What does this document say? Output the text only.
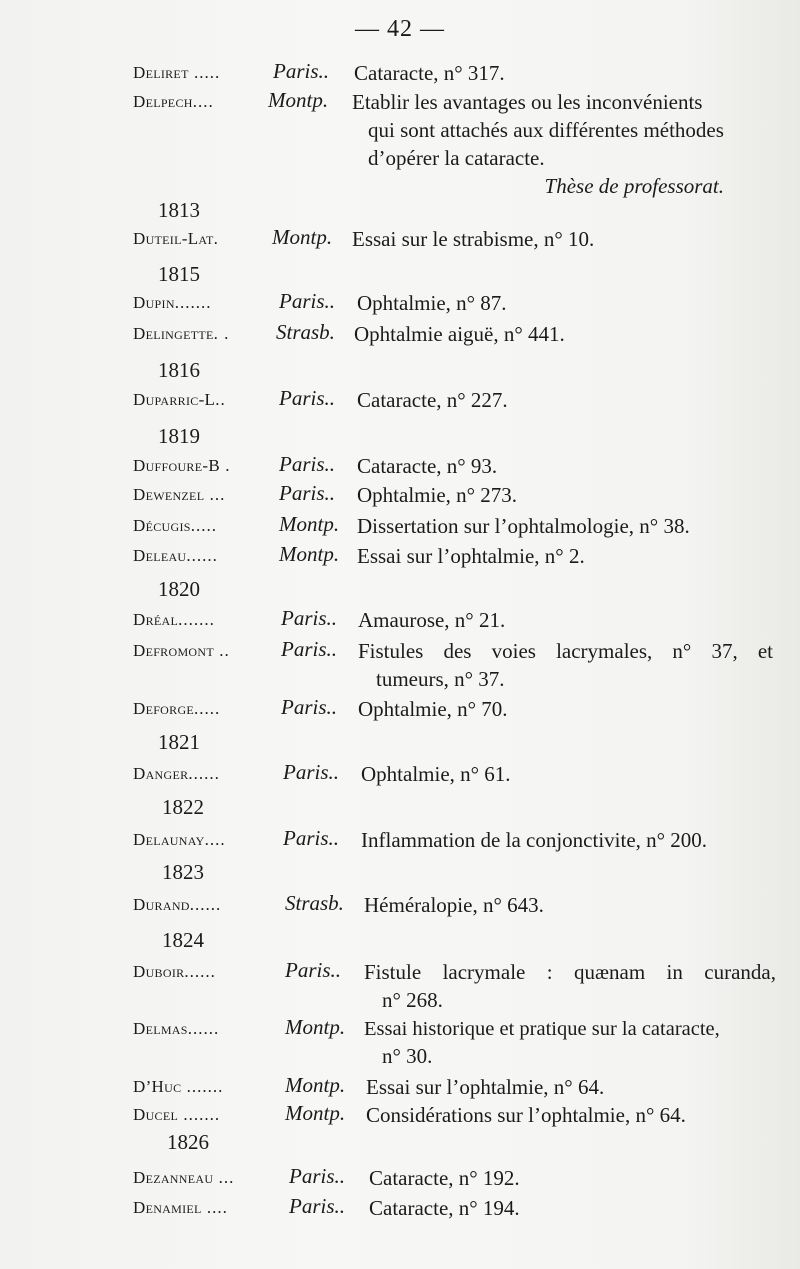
— 42 —
1813
1815
1816
1819
1820
1821
1822
1823
1824
1826
Deliret .....	Paris.. Cataracte, n° 317.
Delpech....	Montp. Etablir les avantages ou les inconvénients
qui sont attachés aux différentes méthodes
d’opérer la cataracte.
Thèse de professorat.
Duteil-Lat.	Montp. Essai sur le strabisme, n° 10.
Dupin.......	Paris.. Ophtalmie, n° 87.
Delingette. . Strasb. Ophtalmie aiguë, n° 441.
Duparric-L..	Paris.. Cataracte, n° 227.
Duffoure-B . Paris.. Cataracte, n° 93.
Dewenzel ...	Paris.. Ophtalmie, n° 273.
Décugis.....	Montp. Dissertation sur l’ophtalmologie, n° 38.
Deleau......	Montp. Essai sur l’ophtalmie, n° 2.
Dréal.......	Paris.. Amaurose, n° 21.
Defromont .. Paris.. Fistules des voies lacrymales, n° 37, et
tumeurs, n° 37.
Deforge.....	Paris.. Ophtalmie, n° 70.
Danger......	Paris.. Ophtalmie, n° 61.
Delaunay....	Paris.. Inflammation de la conjonctivite, n° 200.
Durand......	Strasb. Héméralopie, n° 643.
Duboir......	Paris.. Fistule lacrymale : quænam in curanda,
n° 268.
Delmas......	Montp. Essai historique et pratique sur la cataracte,
n° 30.
D’Huc .......	Montp. Essai sur l’ophtalmie, n° 64.
Ducel .......	Montp. Considérations sur l’ophtalmie, n° 64.
Dezanneau ...	Paris.. Cataracte, n° 192.
Denamiel ....	Paris.. Cataracte, n° 194.
